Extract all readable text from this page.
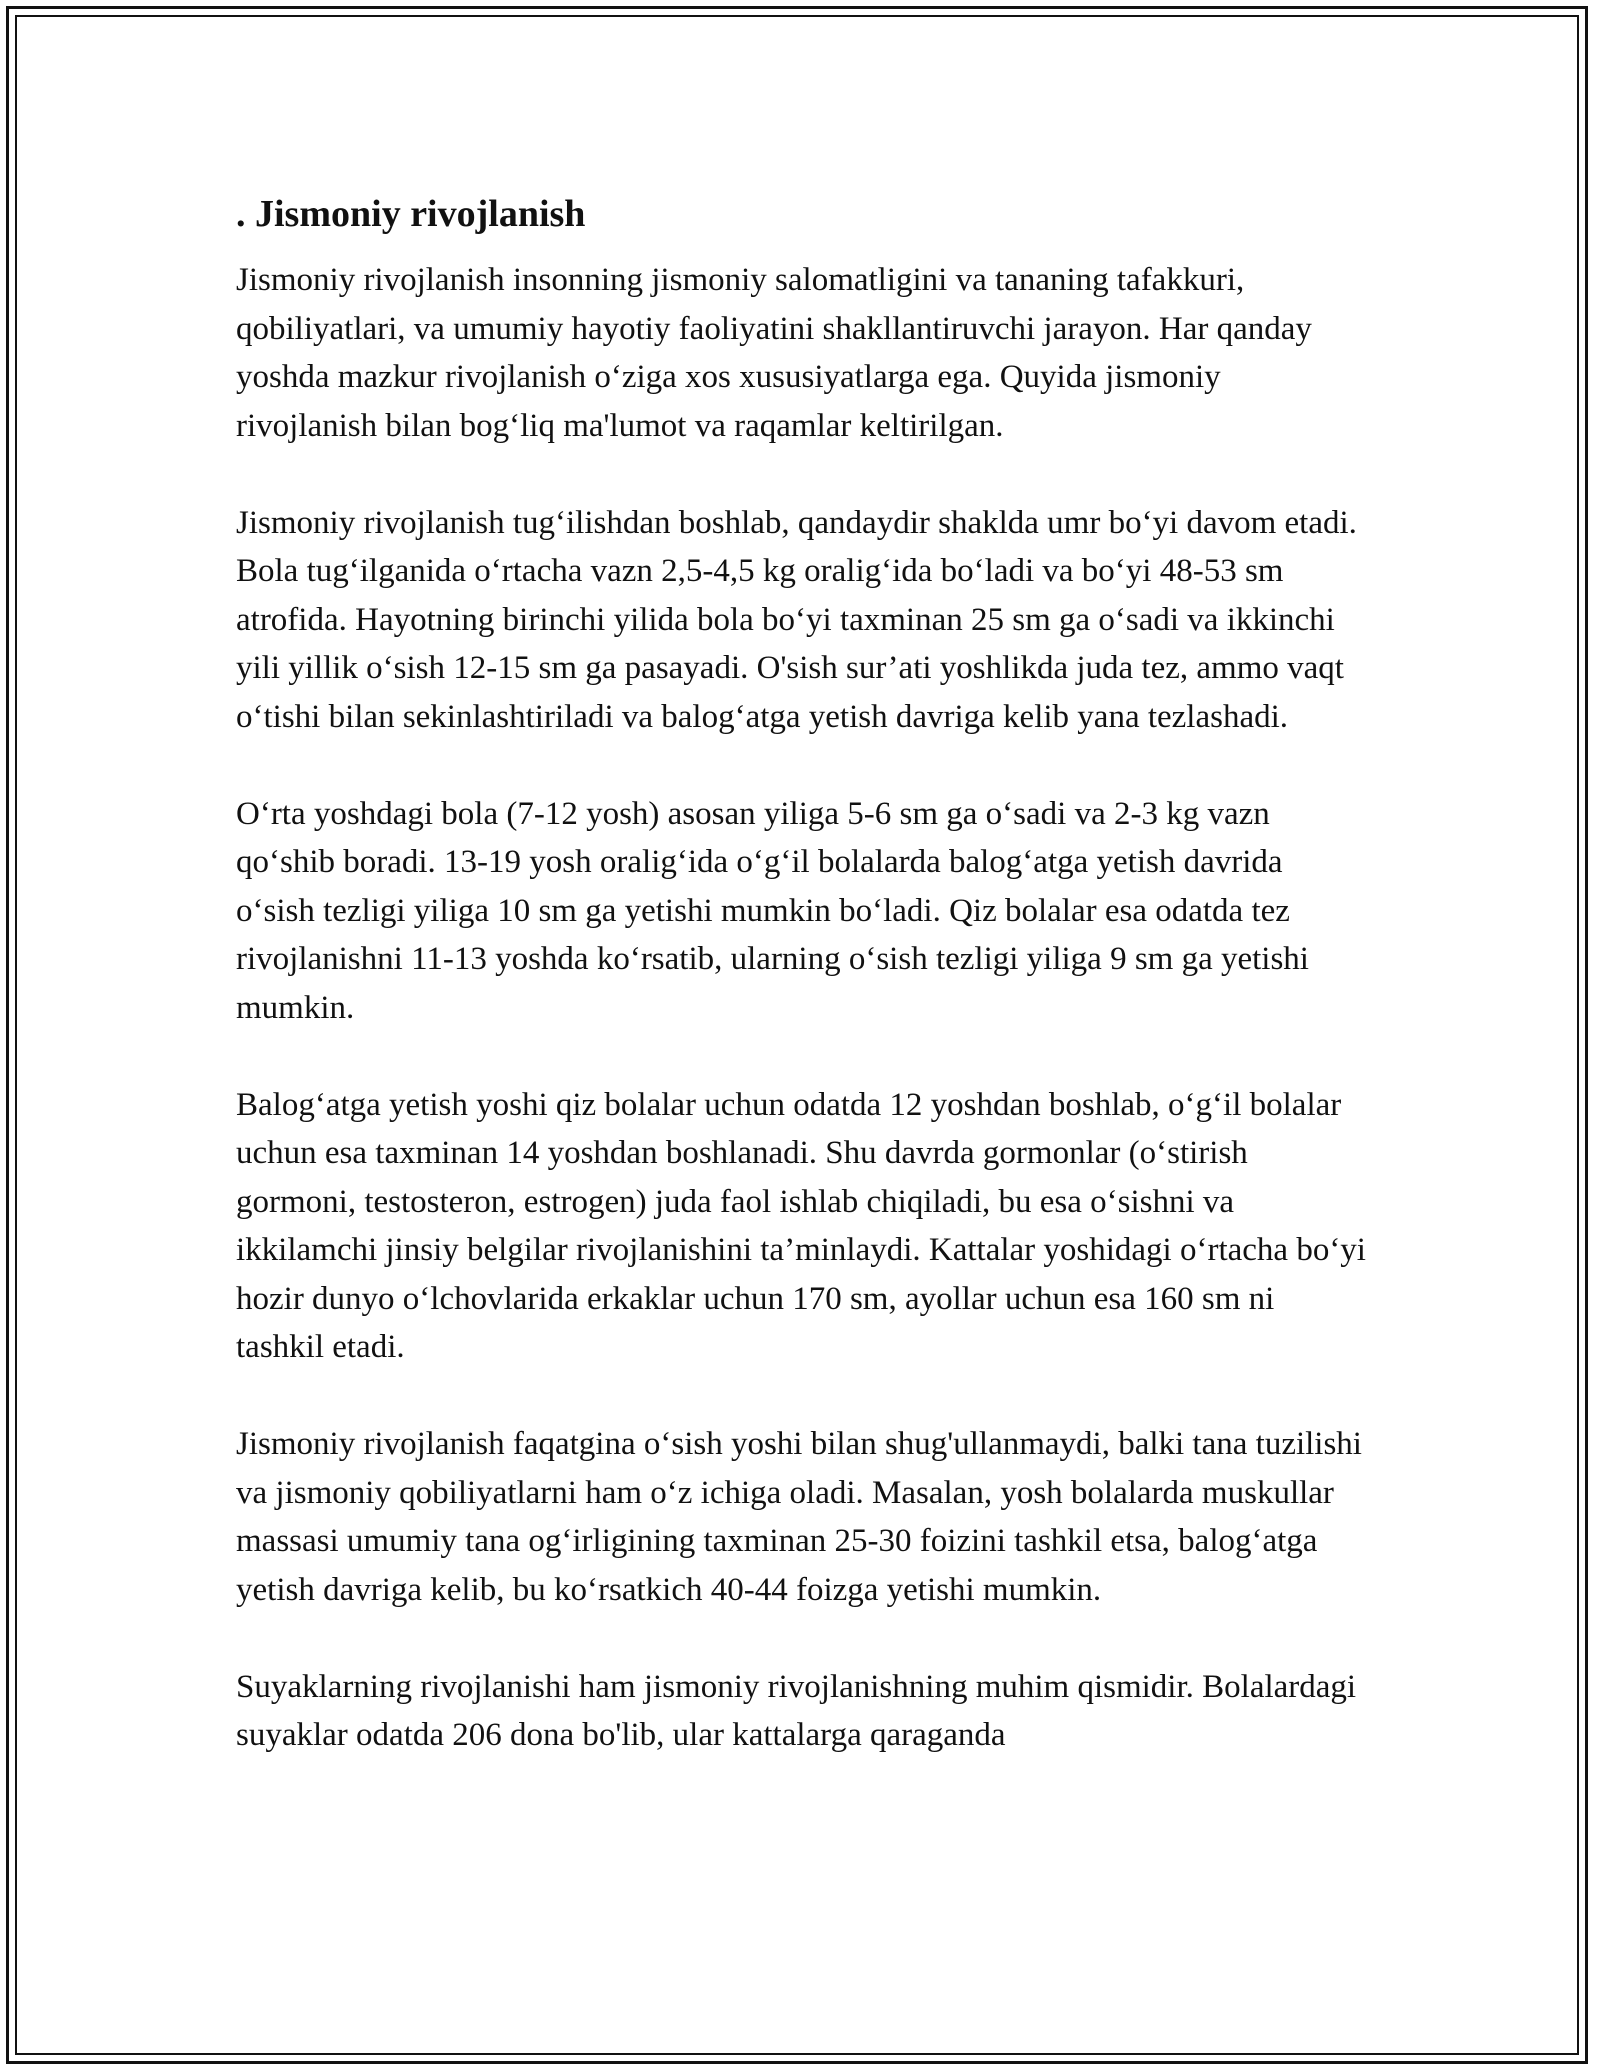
. Jismoniy rivojlanish

Jismoniy rivojlanish insonning jismoniy salomatligini va tananing tafakkuri, qobiliyatlari, va umumiy hayotiy faoliyatini shakllantiruvchi jarayon. Har qanday yoshda mazkur rivojlanish o‘ziga xos xususiyatlarga ega. Quyida jismoniy rivojlanish bilan bog‘liq ma'lumot va raqamlar keltirilgan.

Jismoniy rivojlanish tug‘ilishdan boshlab, qandaydir shaklda umr bo‘yi davom etadi. Bola tug‘ilganida o‘rtacha vazn 2,5-4,5 kg oralig‘ida bo‘ladi va bo‘yi 48-53 sm atrofida. Hayotning birinchi yilida bola bo‘yi taxminan 25 sm ga o‘sadi va ikkinchi yili yillik o‘sish 12-15 sm ga pasayadi. O'sish sur’ati yoshlikda juda tez, ammo vaqt o‘tishi bilan sekinlashtiriladi va balog‘atga yetish davriga kelib yana tezlashadi.

O‘rta yoshdagi bola (7-12 yosh) asosan yiliga 5-6 sm ga o‘sadi va 2-3 kg vazn qo‘shib boradi. 13-19 yosh oralig‘ida o‘g‘il bolalarda balog‘atga yetish davrida o‘sish tezligi yiliga 10 sm ga yetishi mumkin bo‘ladi. Qiz bolalar esa odatda tez rivojlanishni 11-13 yoshda ko‘rsatib, ularning o‘sish tezligi yiliga 9 sm ga yetishi mumkin.

Balog‘atga yetish yoshi qiz bolalar uchun odatda 12 yoshdan boshlab, o‘g‘il bolalar uchun esa taxminan 14 yoshdan boshlanadi. Shu davrda gormonlar (o‘stirish gormoni, testosteron, estrogen) juda faol ishlab chiqiladi, bu esa o‘sishni va ikkilamchi jinsiy belgilar rivojlanishini ta’minlaydi. Kattalar yoshidagi o‘rtacha bo‘yi hozir dunyo o‘lchovlarida erkaklar uchun 170 sm, ayollar uchun esa 160 sm ni tashkil etadi.

Jismoniy rivojlanish faqatgina o‘sish yoshi bilan shug'ullanmaydi, balki tana tuzilishi va jismoniy qobiliyatlarni ham o‘z ichiga oladi. Masalan, yosh bolalarda muskullar massasi umumiy tana og‘irligining taxminan 25-30 foizini tashkil etsa, balog‘atga yetish davriga kelib, bu ko‘rsatkich 40-44 foizga yetishi mumkin.

Suyaklarning rivojlanishi ham jismoniy rivojlanishning muhim qismidir. Bolalardagi suyaklar odatda 206 dona bo'lib, ular kattalarga qaraganda
